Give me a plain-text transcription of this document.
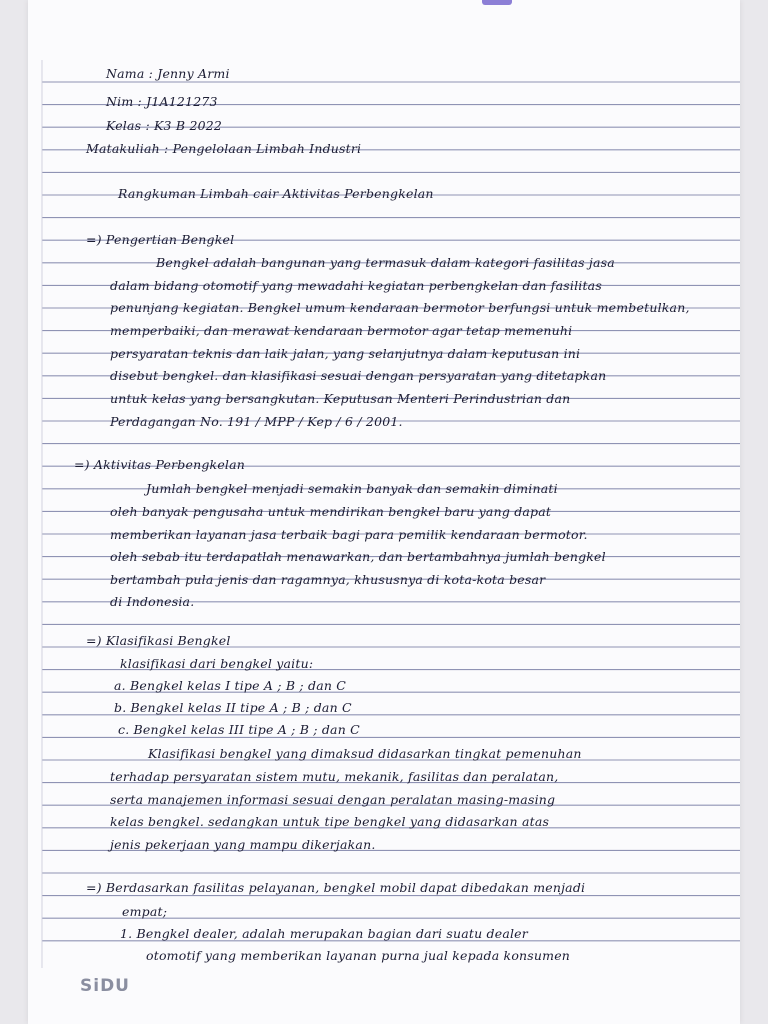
Nama : Jenny Armi
Nim : J1A121273
Kelas : K3 B 2022
Matakuliah : Pengelolaan Limbah Industri
Rangkuman Limbah cair Aktivitas Perbengkelan
=) Pengertian Bengkel
Bengkel adalah bangunan yang termasuk dalam kategori fasilitas jasa
dalam bidang otomotif yang mewadahi kegiatan perbengkelan dan fasilitas
penunjang kegiatan. Bengkel umum kendaraan bermotor berfungsi untuk membetulkan,
memperbaiki, dan merawat kendaraan bermotor agar tetap memenuhi
persyaratan teknis dan laik jalan, yang selanjutnya dalam keputusan ini
disebut bengkel. dan klasifikasi sesuai dengan persyaratan yang ditetapkan
untuk kelas yang bersangkutan. Keputusan Menteri Perindustrian dan
Perdagangan No. 191 / MPP / Kep / 6 / 2001.
=) Aktivitas Perbengkelan
Jumlah bengkel menjadi semakin banyak dan semakin diminati
oleh banyak pengusaha untuk mendirikan bengkel baru yang dapat
memberikan layanan jasa terbaik bagi para pemilik kendaraan bermotor.
oleh sebab itu terdapatlah menawarkan, dan bertambahnya jumlah bengkel
bertambah pula jenis dan ragamnya, khususnya di kota-kota besar
di Indonesia.
=) Klasifikasi Bengkel
klasifikasi dari bengkel yaitu:
a. Bengkel kelas I tipe A ; B ; dan C
b. Bengkel kelas II tipe A ; B ; dan C
c. Bengkel kelas III tipe A ; B ; dan C
Klasifikasi bengkel yang dimaksud didasarkan tingkat pemenuhan
terhadap persyaratan sistem mutu, mekanik, fasilitas dan peralatan,
serta manajemen informasi sesuai dengan peralatan masing-masing
kelas bengkel. sedangkan untuk tipe bengkel yang didasarkan atas
jenis pekerjaan yang mampu dikerjakan.
=) Berdasarkan fasilitas pelayanan, bengkel mobil dapat dibedakan menjadi
empat;
1. Bengkel dealer, adalah merupakan bagian dari suatu dealer
otomotif yang memberikan layanan purna jual kepada konsumen
SiDU
